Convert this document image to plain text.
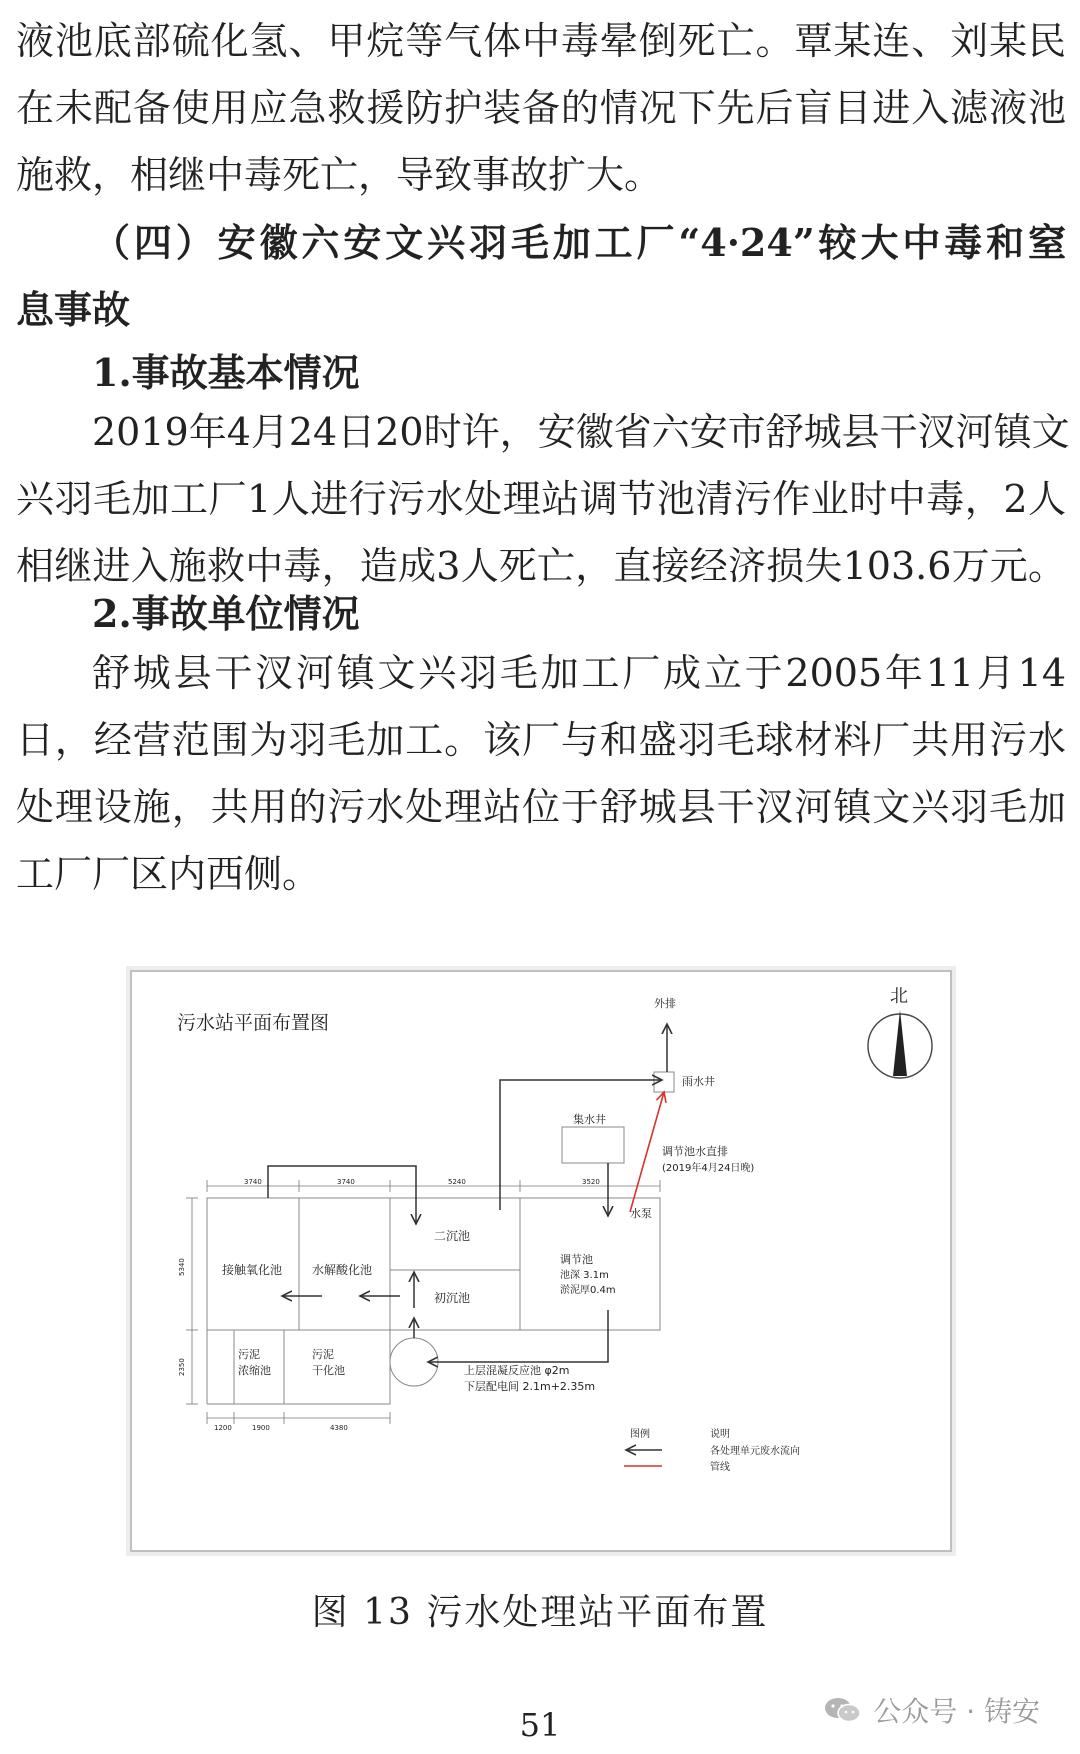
液池底部硫化氢、甲烷等气体中毒晕倒死亡。覃某连、刘某民
在未配备使用应急救援防护装备的情况下先后盲目进入滤液池
施救，相继中毒死亡，导致事故扩大。
（四）安徽六安文兴羽毛加工厂“4·24”较大中毒和窒
息事故
1.事故基本情况
2019年4月24日20时许，安徽省六安市舒城县干汊河镇文
兴羽毛加工厂1人进行污水处理站调节池清污作业时中毒，2人
相继进入施救中毒，造成3人死亡，直接经济损失103.6万元。
2.事故单位情况
舒城县干汊河镇文兴羽毛加工厂成立于2005年11月14
日，经营范围为羽毛加工。该厂与和盛羽毛球材料厂共用污水
处理设施，共用的污水处理站位于舒城县干汊河镇文兴羽毛加
工厂厂区内西侧。
污水站平面布置图
北
3740	3740	5240	3520
1200	1900	4380
5340
2350
二沉池
接触氧化池 水解酸化池
初沉池
调节池
池深 3.1m
淤泥厚0.4m
污泥
浓缩池
污泥
干化池	上层混凝反应池 φ2m
下层配电间 2.1m+2.35m
集水井
雨水井
外排
调节池水直排
(2019年4月24日晚)
水泵
图例	说明
各处理单元废水流向
管线
图 13 污水处理站平面布置
公众号 · 铸安
51
